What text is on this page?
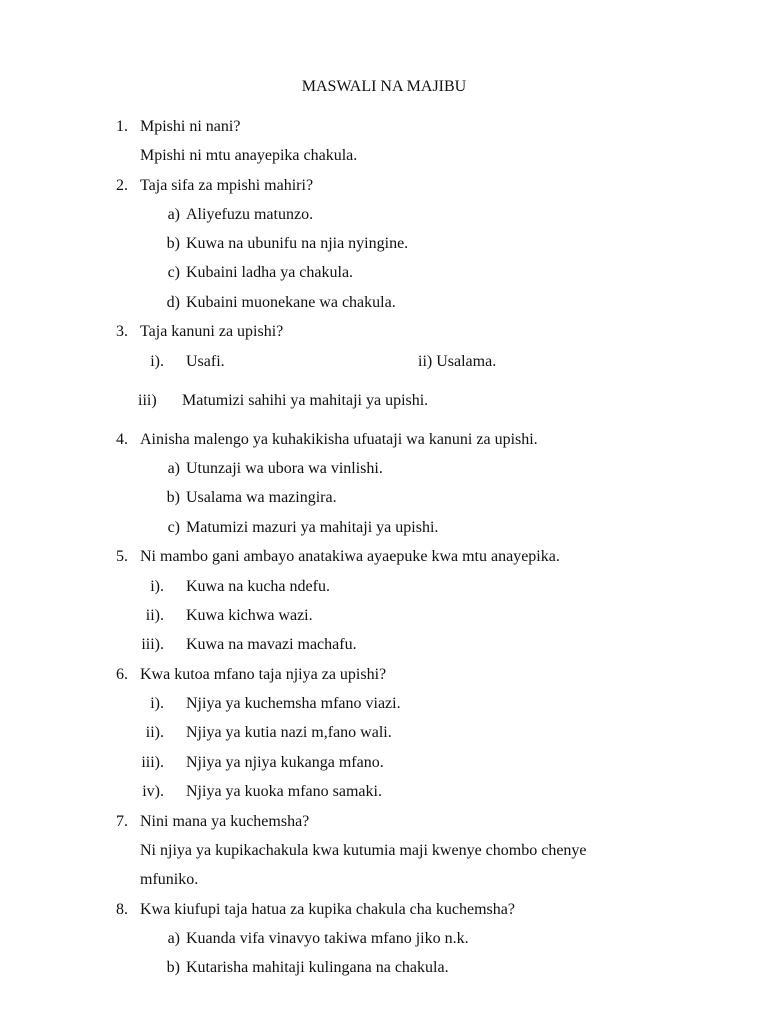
MASWALI NA MAJIBU
1. Mpishi ni nani?
Mpishi ni mtu anayepika chakula.
2. Taja sifa za mpishi mahiri?
a) Aliyefuzu matunzo.
b) Kuwa na ubunifu na njia nyingine.
c) Kubaini ladha ya chakula.
d) Kubaini muonekane wa chakula.
3. Taja kanuni za upishi?
i). Usafi.	ii) Usalama.
iii) Matumizi sahihi ya mahitaji ya upishi.
4. Ainisha malengo ya kuhakikisha ufuataji wa kanuni za upishi.
a) Utunzaji wa ubora wa vinlishi.
b) Usalama wa mazingira.
c) Matumizi mazuri ya mahitaji ya upishi.
5. Ni mambo gani ambayo anatakiwa ayaepuke kwa mtu anayepika.
i). Kuwa na kucha ndefu.
ii). Kuwa kichwa wazi.
iii). Kuwa na mavazi machafu.
6. Kwa kutoa mfano taja njiya za upishi?
i). Njiya ya kuchemsha mfano viazi.
ii). Njiya ya kutia nazi m,fano wali.
iii). Njiya ya njiya kukanga mfano.
iv). Njiya ya kuoka mfano samaki.
7. Nini mana ya kuchemsha?
Ni njiya ya kupikachakula kwa kutumia maji kwenye chombo chenye
mfuniko.
8. Kwa kiufupi taja hatua za kupika chakula cha kuchemsha?
a) Kuanda vifa vinavyo takiwa mfano jiko n.k.
b) Kutarisha mahitaji kulingana na chakula.
